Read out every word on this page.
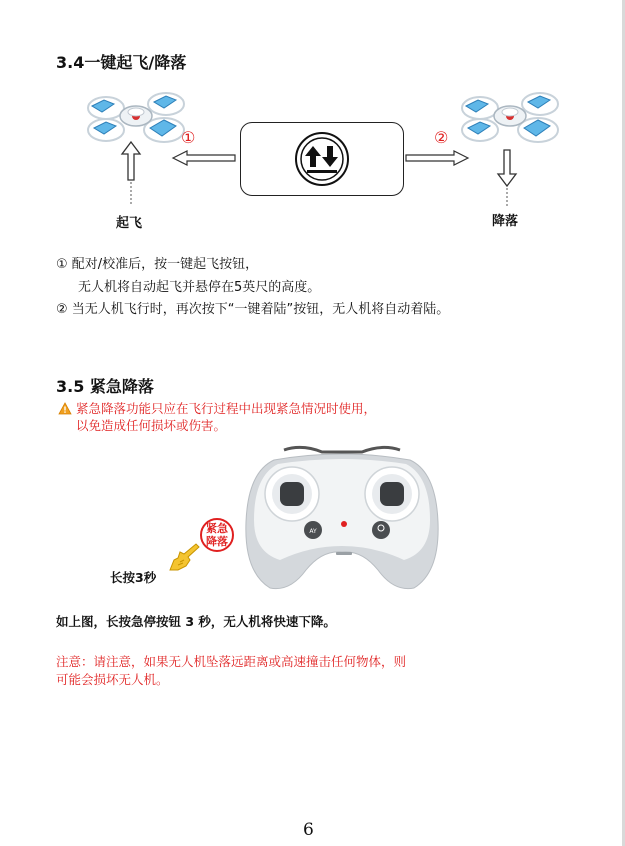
3.4一键起飞/降落
①	②
起飞	降落
① 配对/校准后，按一键起飞按钮，
无人机将自动起飞并悬停在5英尺的高度。
② 当无人机飞行时，再次按下“一键着陆”按钮，无人机将自动着陆。
3.5 紧急降落
紧急降落功能只应在飞行过程中出现紧急情况时使用，
以免造成任何损坏或伤害。
AY
紧急
降落
长按3秒
如上图，长按急停按钮 3 秒，无人机将快速下降。
注意：请注意，如果无人机坠落远距离或高速撞击任何物体，则
可能会损坏无人机。
6
